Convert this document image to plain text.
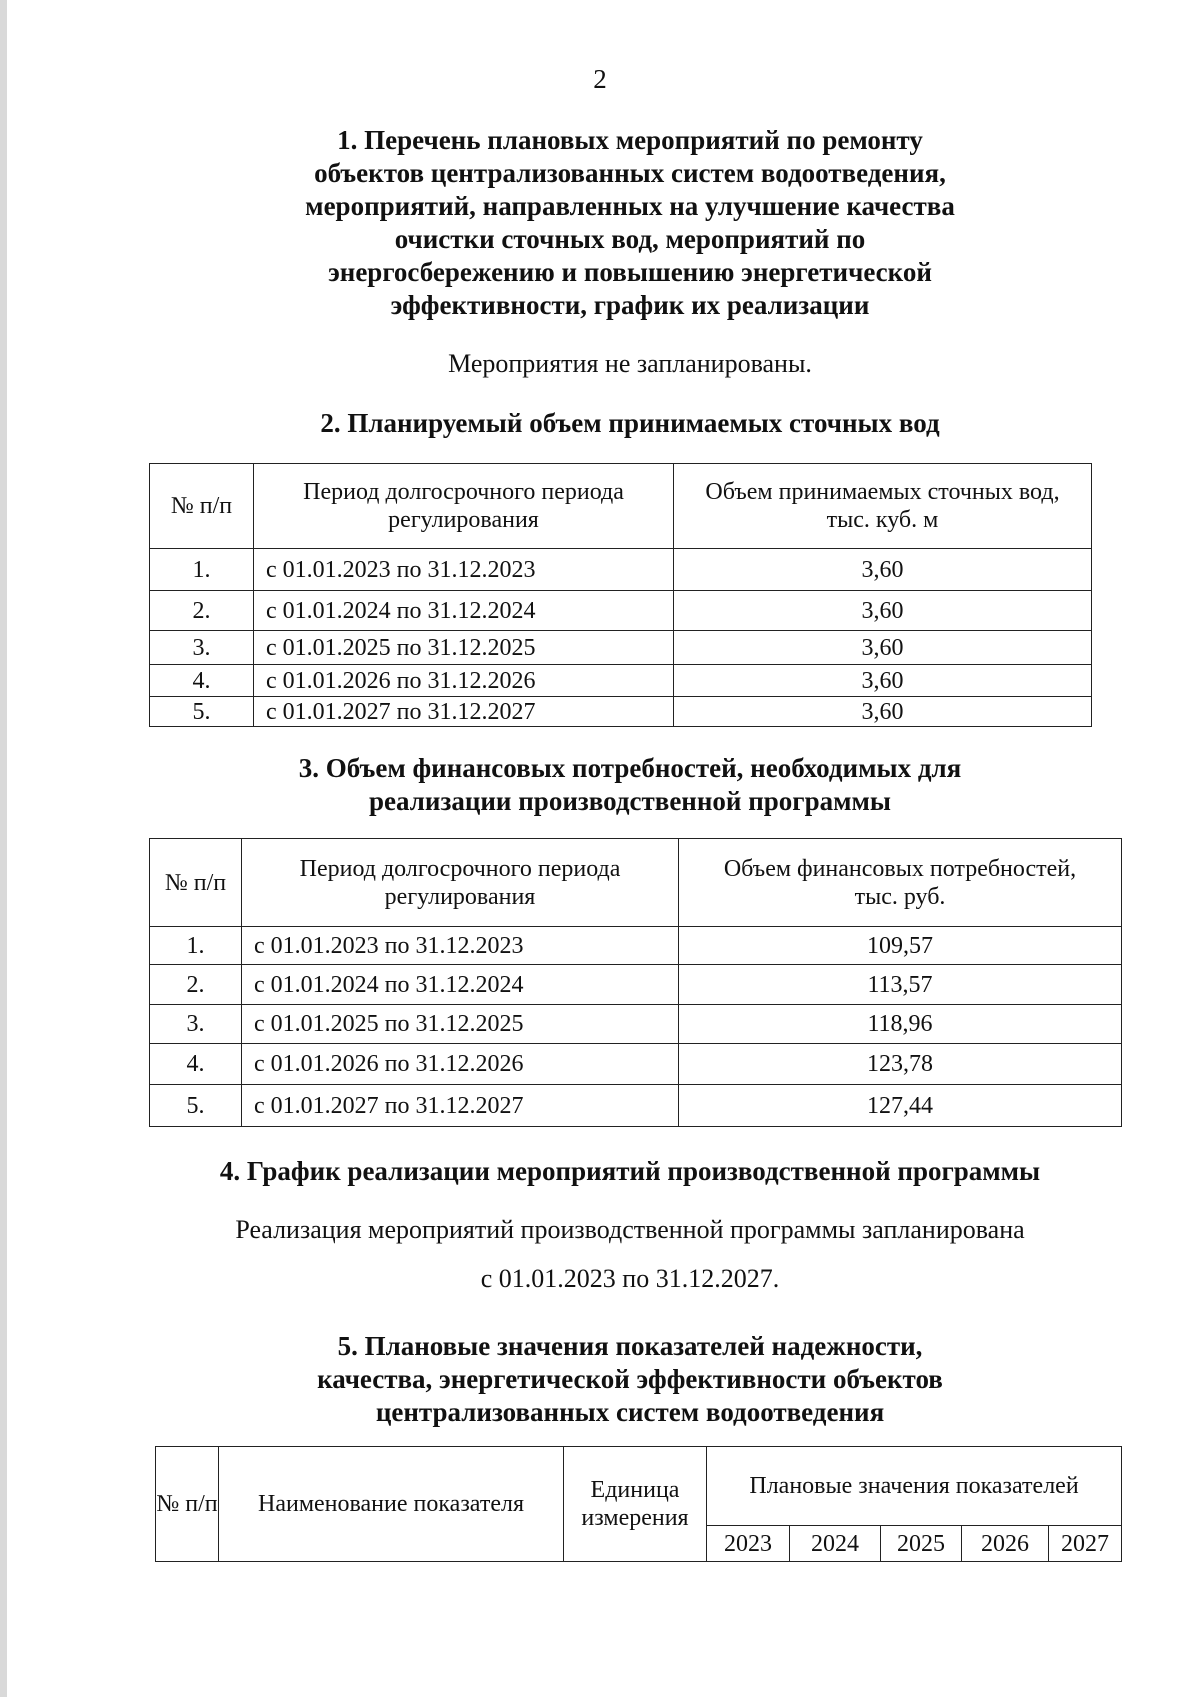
2
1. Перечень плановых мероприятий по ремонту
объектов централизованных систем водоотведения,
мероприятий, направленных на улучшение качества
очистки сточных вод, мероприятий по
энергосбережению и повышению энергетической
эффективности, график их реализации
Мероприятия не запланированы.
2. Планируемый объем принимаемых сточных вод
№ п/п	Период долгосрочного периода регулирования	Объем принимаемых сточных вод, тыс. куб. м
1.	с 01.01.2023 по 31.12.2023	3,60
2.	с 01.01.2024 по 31.12.2024	3,60
3.	с 01.01.2025 по 31.12.2025	3,60
4.	с 01.01.2026 по 31.12.2026	3,60
5.	с 01.01.2027 по 31.12.2027	3,60
3. Объем финансовых потребностей, необходимых для
реализации производственной программы
№ п/п	Период долгосрочного периода регулирования	Объем финансовых потребностей, тыс. руб.
1.	с 01.01.2023 по 31.12.2023	109,57
2.	с 01.01.2024 по 31.12.2024	113,57
3.	с 01.01.2025 по 31.12.2025	118,96
4.	с 01.01.2026 по 31.12.2026	123,78
5.	с 01.01.2027 по 31.12.2027	127,44
4. График реализации мероприятий производственной программы
Реализация мероприятий производственной программы запланирована
с 01.01.2023 по 31.12.2027.
5. Плановые значения показателей надежности,
качества, энергетической эффективности объектов
централизованных систем водоотведения
№ п/п	Наименование показателя	Единица измерения	Плановые значения показателей				
			2023	2024	2025	2026	2027
